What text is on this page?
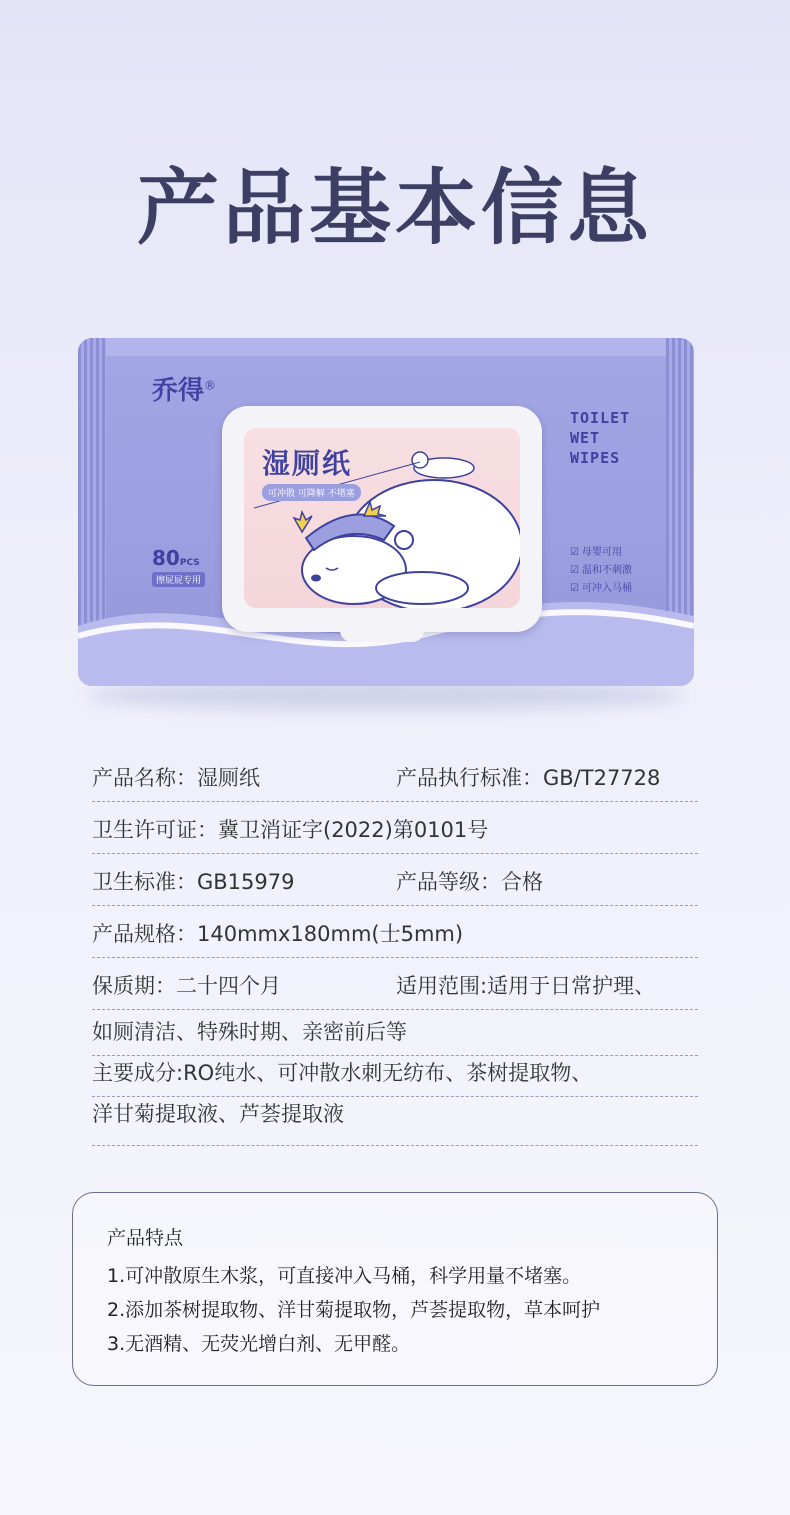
产品基本信息
乔得®
80PCS
擦屁屁专用
TOILET
WET
WIPES
☑ 母婴可用
☑ 温和不刺激
☑ 可冲入马桶
湿厕纸
可冲散 可降解 不堵塞
产品名称：湿厕纸	产品执行标准：GB/T27728
卫生许可证：冀卫消证字(2022)第0101号
卫生标准：GB15979	产品等级：合格
产品规格：140mmx180mm(士5mm)
保质期：二十四个月	适用范围:适用于日常护理、
如厕清洁、特殊时期、亲密前后等
主要成分:RO纯水、可冲散水刺无纺布、茶树提取物、
洋甘菊提取液、芦荟提取液
产品特点
1.可冲散原生木浆，可直接冲入马桶，科学用量不堵塞。
2.添加茶树提取物、洋甘菊提取物，芦荟提取物，草本呵护
3.无酒精、无荧光增白剂、无甲醛。
